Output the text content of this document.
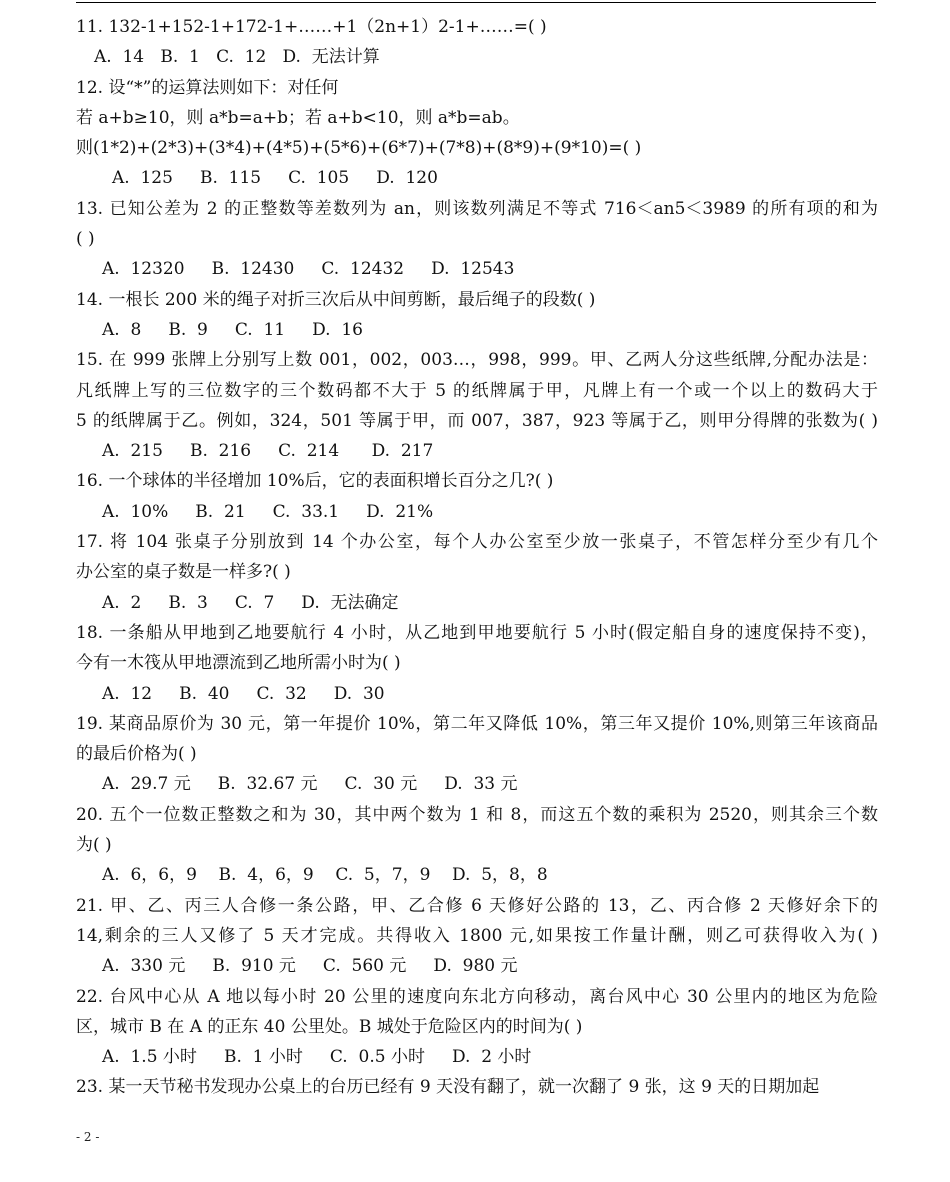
11. 132-1+152-1+172-1+……+1（2n+1）2-1+……=( )
A.  14   B.  1   C.  12   D.  无法计算
12. 设“*”的运算法则如下：对任何
若 a+b≥10，则 a*b=a+b；若 a+b<10，则 a*b=ab。
则(1*2)+(2*3)+(3*4)+(4*5)+(5*6)+(6*7)+(7*8)+(8*9)+(9*10)=( )
A.  125     B.  115     C.  105     D.  120
13. 已知公差为 2 的正整数等差数列为 an，则该数列满足不等式 716＜an5＜3989 的所有项的和为
( )
A.  12320     B.  12430     C.  12432     D.  12543
14. 一根长 200 米的绳子对折三次后从中间剪断，最后绳子的段数( )
A.  8     B.  9     C.  11     D.  16
15. 在 999 张牌上分别写上数 001，002，003…，998，999。甲、乙两人分这些纸牌,分配办法是：
凡纸牌上写的三位数字的三个数码都不大于 5 的纸牌属于甲，凡牌上有一个或一个以上的数码大于
5 的纸牌属于乙。例如，324，501 等属于甲，而 007，387，923 等属于乙，则甲分得牌的张数为( )
A.  215     B.  216     C.  214      D.  217
16. 一个球体的半径增加 10%后，它的表面积增长百分之几?( )
A.  10%     B.  21     C.  33.1     D.  21%
17. 将 104 张桌子分别放到 14 个办公室，每个人办公室至少放一张桌子，不管怎样分至少有几个
办公室的桌子数是一样多?( )
A.  2     B.  3     C.  7     D.  无法确定
18. 一条船从甲地到乙地要航行 4 小时，从乙地到甲地要航行 5 小时(假定船自身的速度保持不变)，
今有一木筏从甲地漂流到乙地所需小时为( )
A.  12     B.  40     C.  32     D.  30
19. 某商品原价为 30 元，第一年提价 10%，第二年又降低 10%，第三年又提价 10%,则第三年该商品
的最后价格为( )
A.  29.7 元     B.  32.67 元     C.  30 元     D.  33 元
20. 五个一位数正整数之和为 30，其中两个数为 1 和 8，而这五个数的乘积为 2520，则其余三个数
为( )
A.  6，6，9    B.  4，6，9    C.  5，7，9    D.  5，8，8
21. 甲、乙、丙三人合修一条公路，甲、乙合修 6 天修好公路的 13，乙、丙合修 2 天修好余下的
14,剩余的三人又修了 5 天才完成。共得收入 1800 元,如果按工作量计酬，则乙可获得收入为( )
A.  330 元     B.  910 元     C.  560 元     D.  980 元
22. 台风中心从 A 地以每小时 20 公里的速度向东北方向移动，离台风中心 30 公里内的地区为危险
区，城市 B 在 A 的正东 40 公里处。B 城处于危险区内的时间为( )
A.  1.5 小时     B.  1 小时     C.  0.5 小时     D.  2 小时
23. 某一天节秘书发现办公桌上的台历已经有 9 天没有翻了，就一次翻了 9 张，这 9 天的日期加起
- 2 -
